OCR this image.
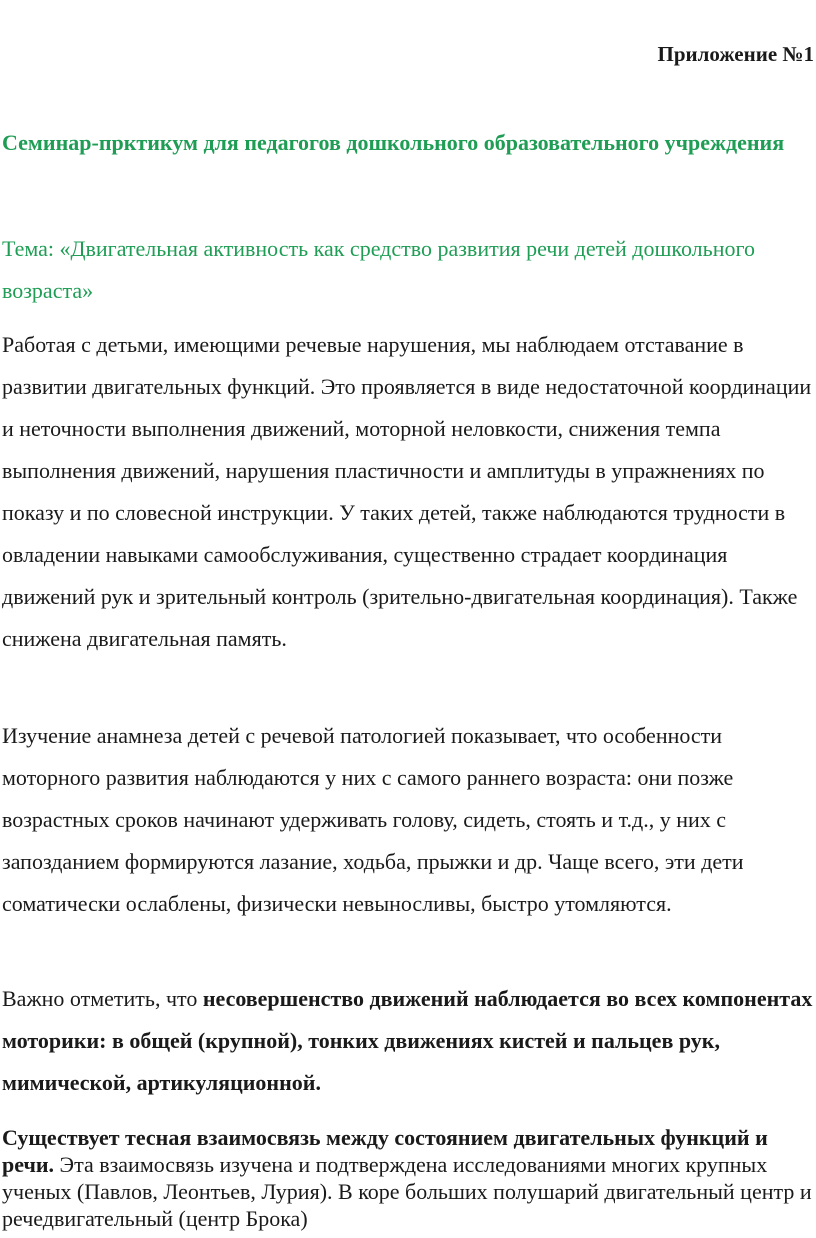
Приложение №1

Семинар-прктикум для педагогов дошкольного образовательного учреждения

Тема: «Двигательная активность как средство развития речи детей дошкольного возраста»

Работая с детьми, имеющими речевые нарушения, мы наблюдаем отставание в развитии двигательных функций. Это проявляется в виде недостаточной координации и неточности выполнения движений, моторной неловкости, снижения темпа выполнения движений, нарушения пластичности и амплитуды в упражнениях по показу и по словесной инструкции. У таких детей, также наблюдаются трудности в овладении навыками самообслуживания, существенно страдает координация движений рук и зрительный контроль (зрительно-двигательная координация). Также снижена двигательная память.

Изучение анамнеза детей с речевой патологией показывает, что особенности моторного развития наблюдаются у них с самого раннего возраста: они позже возрастных сроков начинают удерживать голову, сидеть, стоять и т.д., у них с запозданием формируются лазание, ходьба, прыжки и др. Чаще всего, эти дети соматически ослаблены, физически невыносливы, быстро утомляются.

Важно отметить, что несовершенство движений наблюдается во всех компонентах моторики: в общей (крупной), тонких движениях кистей и пальцев рук, мимической, артикуляционной.

Существует тесная взаимосвязь между состоянием двигательных функций и речи. Эта взаимосвязь изучена и подтверждена исследованиями многих крупных ученых (Павлов, Леонтьев, Лурия). В коре больших полушарий двигательный центр и речедвигательный (центр Брока)
